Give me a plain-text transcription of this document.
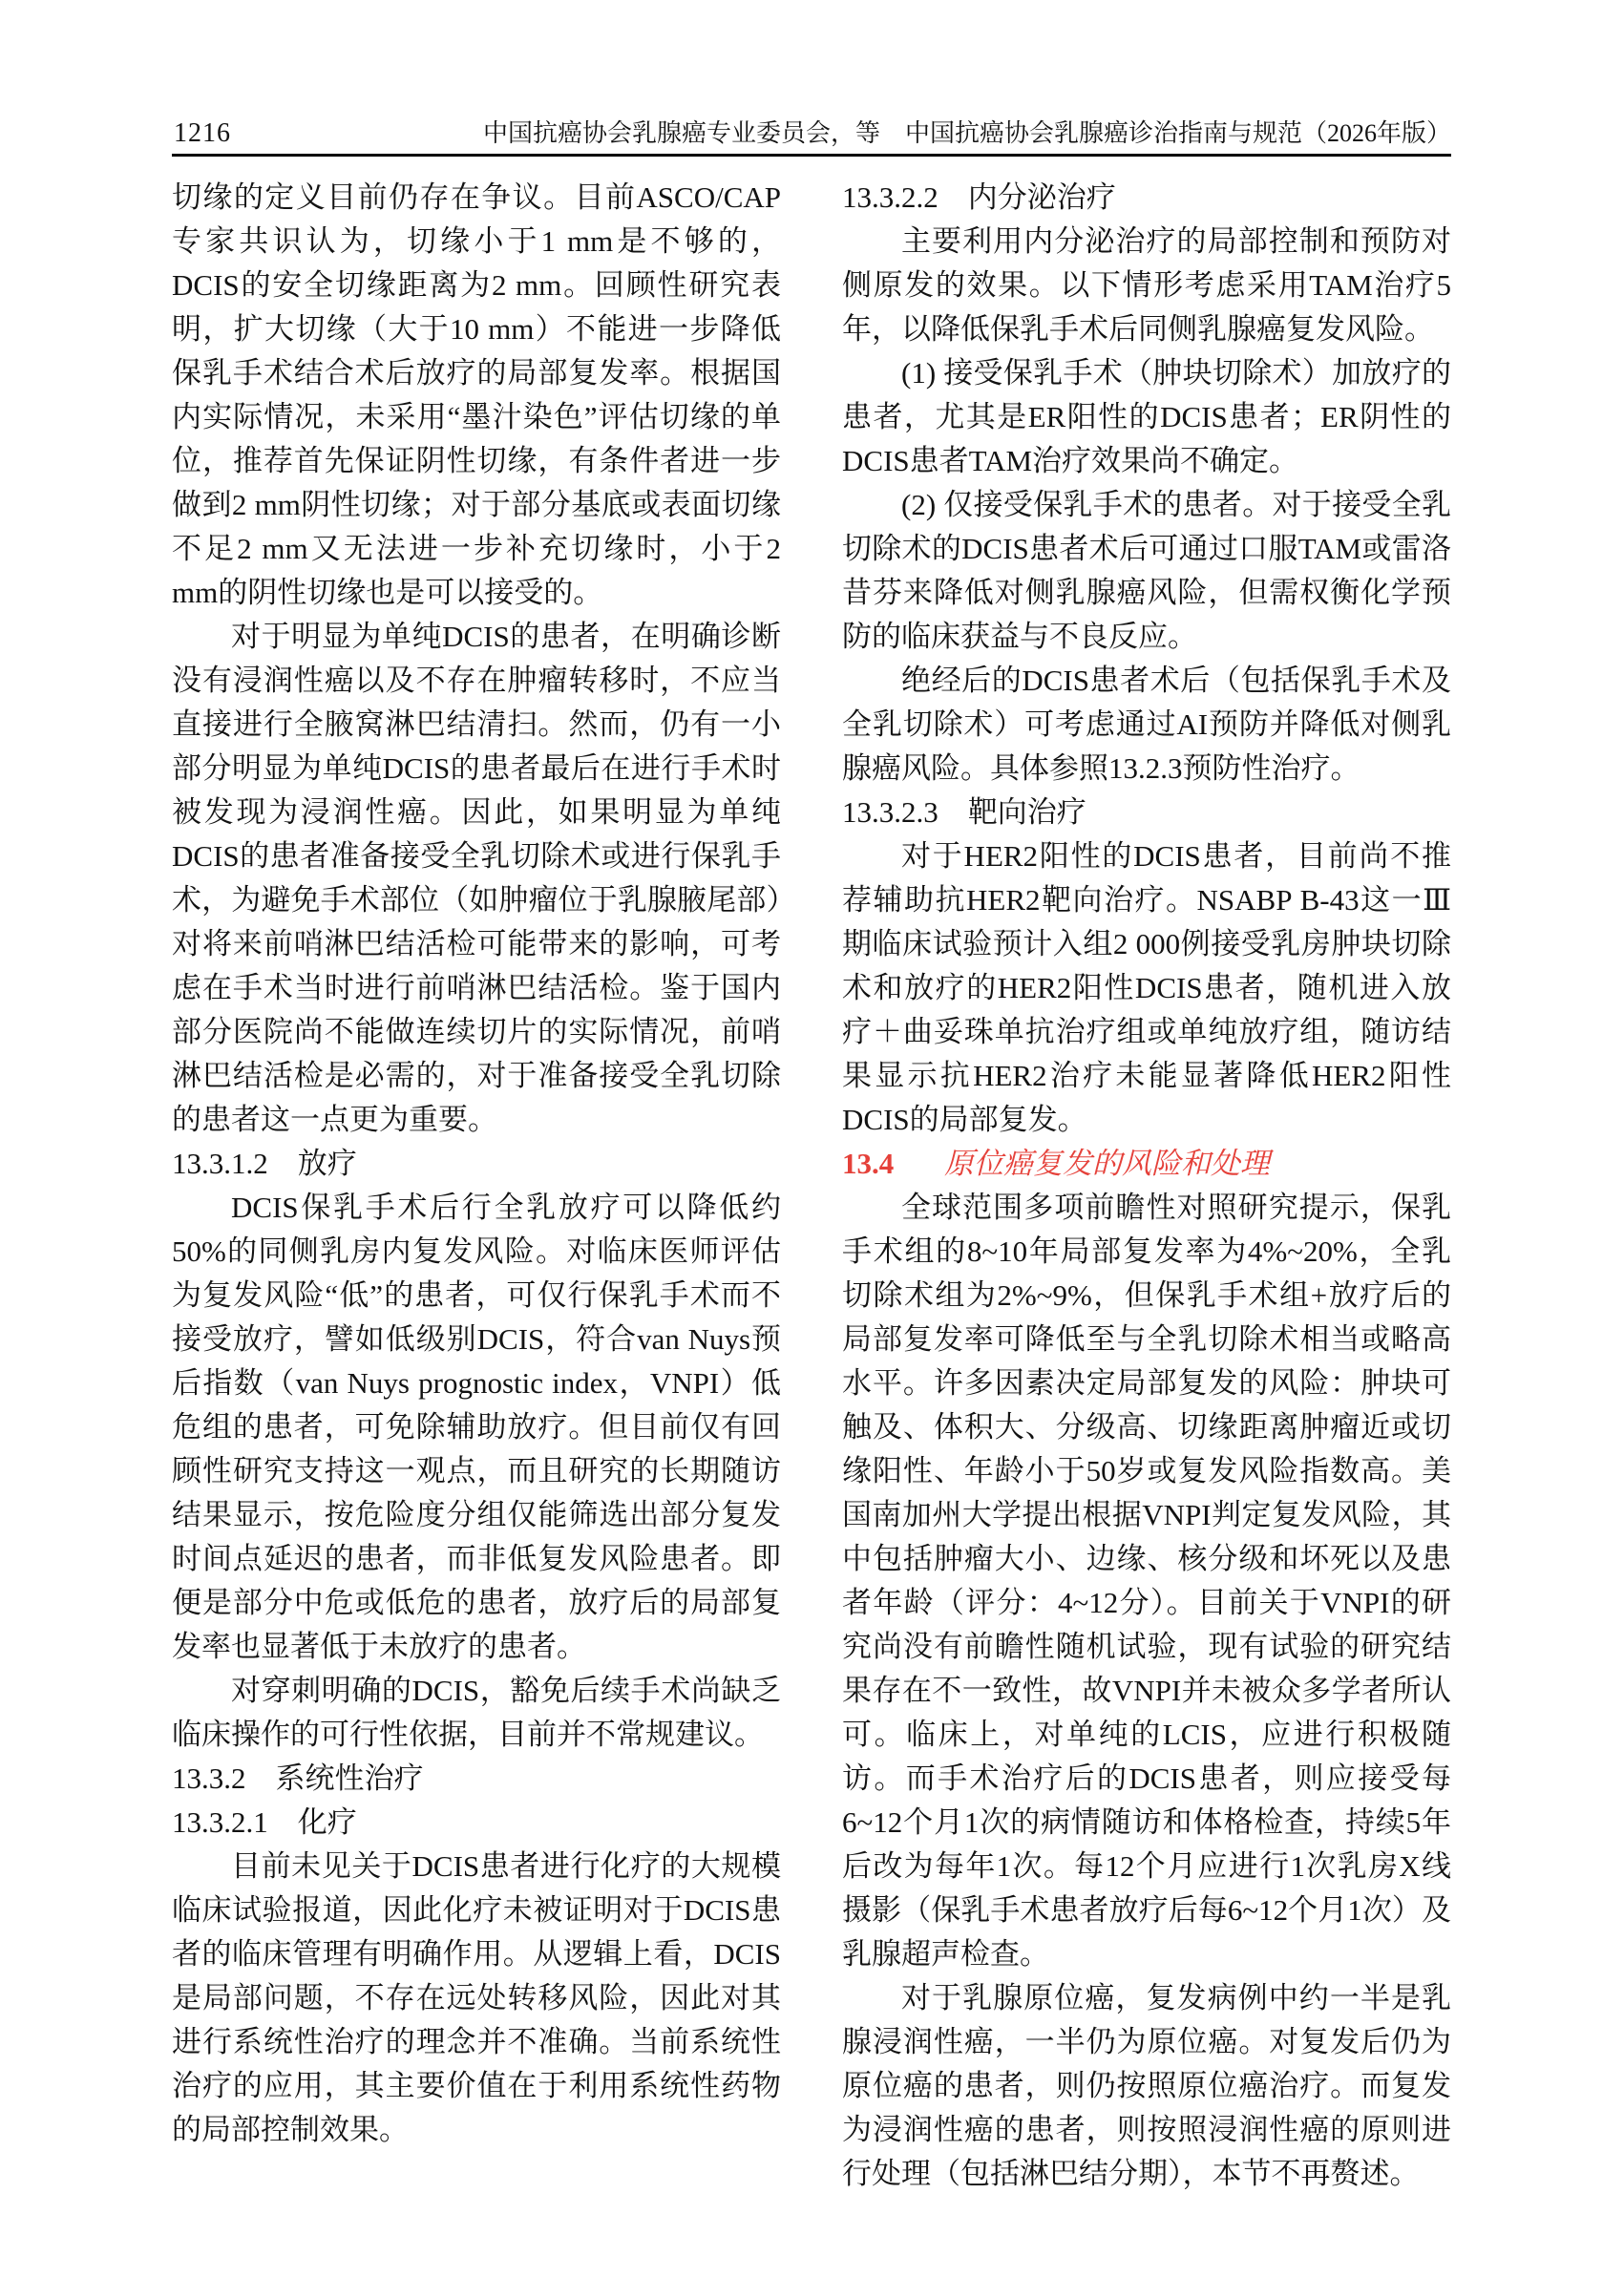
1216	中国抗癌协会乳腺癌专业委员会，等　中国抗癌协会乳腺癌诊治指南与规范（2026年版）

切缘的定义目前仍存在争议。目前ASCO/CAP专家共识认为，切缘小于1 mm是不够的，DCIS的安全切缘距离为2 mm。回顾性研究表明，扩大切缘（大于10 mm）不能进一步降低保乳手术结合术后放疗的局部复发率。根据国内实际情况，未采用“墨汁染色”评估切缘的单位，推荐首先保证阴性切缘，有条件者进一步做到2 mm阴性切缘；对于部分基底或表面切缘不足2 mm又无法进一步补充切缘时，小于2 mm的阴性切缘也是可以接受的。

对于明显为单纯DCIS的患者，在明确诊断没有浸润性癌以及不存在肿瘤转移时，不应当直接进行全腋窝淋巴结清扫。然而，仍有一小部分明显为单纯DCIS的患者最后在进行手术时被发现为浸润性癌。因此，如果明显为单纯DCIS的患者准备接受全乳切除术或进行保乳手术，为避免手术部位（如肿瘤位于乳腺腋尾部）对将来前哨淋巴结活检可能带来的影响，可考虑在手术当时进行前哨淋巴结活检。鉴于国内部分医院尚不能做连续切片的实际情况，前哨淋巴结活检是必需的，对于准备接受全乳切除的患者这一点更为重要。

13.3.1.2 放疗

DCIS保乳手术后行全乳放疗可以降低约50%的同侧乳房内复发风险。对临床医师评估为复发风险“低”的患者，可仅行保乳手术而不接受放疗，譬如低级别DCIS，符合van Nuys预后指数（van Nuys prognostic index，VNPI）低危组的患者，可免除辅助放疗。但目前仅有回顾性研究支持这一观点，而且研究的长期随访结果显示，按危险度分组仅能筛选出部分复发时间点延迟的患者，而非低复发风险患者。即便是部分中危或低危的患者，放疗后的局部复发率也显著低于未放疗的患者。

对穿刺明确的DCIS，豁免后续手术尚缺乏临床操作的可行性依据，目前并不常规建议。

13.3.2 系统性治疗
13.3.2.1 化疗

目前未见关于DCIS患者进行化疗的大规模临床试验报道，因此化疗未被证明对于DCIS患者的临床管理有明确作用。从逻辑上看，DCIS是局部问题，不存在远处转移风险，因此对其进行系统性治疗的理念并不准确。当前系统性治疗的应用，其主要价值在于利用系统性药物的局部控制效果。

13.3.2.2 内分泌治疗

主要利用内分泌治疗的局部控制和预防对侧原发的效果。以下情形考虑采用TAM治疗5年，以降低保乳手术后同侧乳腺癌复发风险。

(1) 接受保乳手术（肿块切除术）加放疗的患者，尤其是ER阳性的DCIS患者；ER阴性的DCIS患者TAM治疗效果尚不确定。

(2) 仅接受保乳手术的患者。对于接受全乳切除术的DCIS患者术后可通过口服TAM或雷洛昔芬来降低对侧乳腺癌风险，但需权衡化学预防的临床获益与不良反应。

绝经后的DCIS患者术后（包括保乳手术及全乳切除术）可考虑通过AI预防并降低对侧乳腺癌风险。具体参照13.2.3预防性治疗。

13.3.2.3 靶向治疗

对于HER2阳性的DCIS患者，目前尚不推荐辅助抗HER2靶向治疗。NSABP B-43这一Ⅲ期临床试验预计入组2 000例接受乳房肿块切除术和放疗的HER2阳性DCIS患者，随机进入放疗＋曲妥珠单抗治疗组或单纯放疗组，随访结果显示抗HER2治疗未能显著降低HER2阳性DCIS的局部复发。

13.4 原位癌复发的风险和处理

全球范围多项前瞻性对照研究提示，保乳手术组的8~10年局部复发率为4%~20%，全乳切除术组为2%~9%，但保乳手术组+放疗后的局部复发率可降低至与全乳切除术相当或略高水平。许多因素决定局部复发的风险：肿块可触及、体积大、分级高、切缘距离肿瘤近或切缘阳性、年龄小于50岁或复发风险指数高。美国南加州大学提出根据VNPI判定复发风险，其中包括肿瘤大小、边缘、核分级和坏死以及患者年龄（评分：4~12分）。目前关于VNPI的研究尚没有前瞻性随机试验，现有试验的研究结果存在不一致性，故VNPI并未被众多学者所认可。临床上，对单纯的LCIS，应进行积极随访。而手术治疗后的DCIS患者，则应接受每6~12个月1次的病情随访和体格检查，持续5年后改为每年1次。每12个月应进行1次乳房X线摄影（保乳手术患者放疗后每6~12个月1次）及乳腺超声检查。

对于乳腺原位癌，复发病例中约一半是乳腺浸润性癌，一半仍为原位癌。对复发后仍为原位癌的患者，则仍按照原位癌治疗。而复发为浸润性癌的患者，则按照浸润性癌的原则进行处理（包括淋巴结分期），本节不再赘述。
